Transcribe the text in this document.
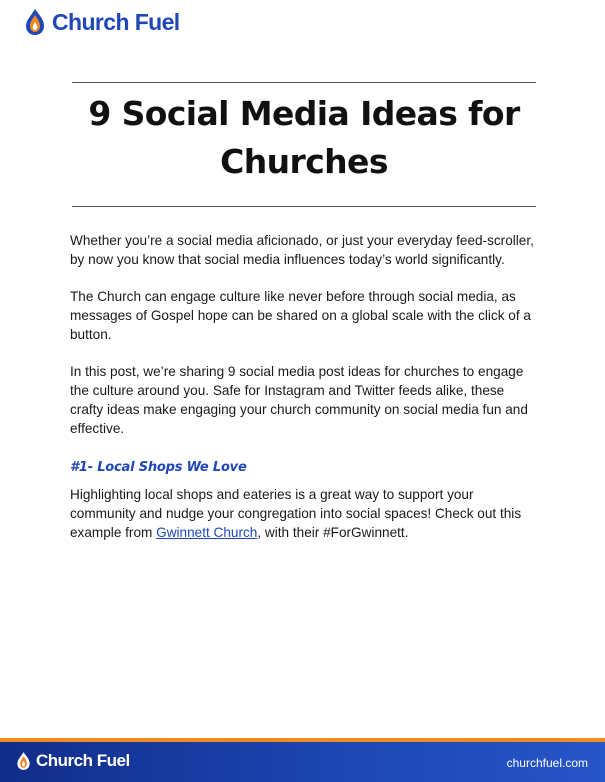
Church Fuel
9 Social Media Ideas for
Churches

Whether you’re a social media aficionado, or just your everyday feed-scroller, by now you know that social media influences today’s world significantly.

The Church can engage culture like never before through social media, as messages of Gospel hope can be shared on a global scale with the click of a button.

In this post, we’re sharing 9 social media post ideas for churches to engage the culture around you. Safe for Instagram and Twitter feeds alike, these crafty ideas make engaging your church community on social media fun and effective.

#1- Local Shops We Love

Highlighting local shops and eateries is a great way to support your community and nudge your congregation into social spaces! Check out this example from Gwinnett Church, with their #ForGwinnett.

Church Fuel	churchfuel.com
